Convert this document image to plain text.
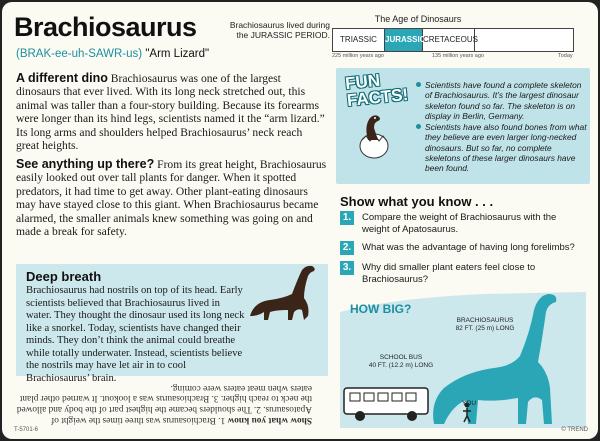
Brachiosaurus
(BRAK-ee-uh-SAWR-us) "Arm Lizard"
Brachiosaurus lived during
the JURASSIC PERIOD.
The Age of Dinosaurs
TRIASSIC	JURASSIC
CRETACEOUS
225 million years ago	135 million years ago	Today

A different dino Brachiosaurus was one of the largest dinosaurs that ever lived. With its long neck stretched out, this animal was taller than a four-story building. Because its forearms were longer than its hind legs, scientists named it the “arm lizard.” Its long arms and shoulders helped Brachiosaurus’ neck reach great heights.

See anything up there? From its great height, Brachiosaurus easily looked out over tall plants for danger. When it spotted predators, it had time to get away. Other plant-eating dinosaurs may have stayed close to this giant. When Brachiosaurus became alarmed, the smaller animals knew something was going on and made a break for safety.

Deep breath

Brachiosaurus had nostrils on top of its head. Early scientists believed that Brachiosaurus lived in water. They thought the dinosaur used its long neck like a snorkel. Today, scientists have changed their minds. They don’t think the animal could breathe while totally underwater. Instead, scientists believe the nostrils may have let air in to cool Brachiosaurus’ brain.

Show what you know 1. Brachiosaurus was three times the weight of Apatosaurus. 2. The shoulders became the highest part of the body and allowed the neck to reach higher. 3. Brachiosaurus was a lookout. It warned other plant eaters when meat eaters were coming.

T-5701-6
FUN FACTS!	Scientists have found a complete skeleton of Brachiosaurus. It’s the largest dinosaur skeleton found so far. The skeleton is on display in Berlin, Germany.
Scientists have also found bones from what they believe are even larger long-necked dinosaurs. But so far, no complete skeletons of these larger dinosaurs have been found.
Show what you know . . .
1. Compare the weight of Brachiosaurus with the weight of Apatosaurus.
2. What was the advantage of having long forelimbs?
3. Why did smaller plant eaters feel close to Brachiosaurus?
HOW BIG?
BRACHIOSAURUS
82 FT. (25 m) LONG
SCHOOL BUS
40 FT. (12.2 m) LONG
YOU
© TREND
